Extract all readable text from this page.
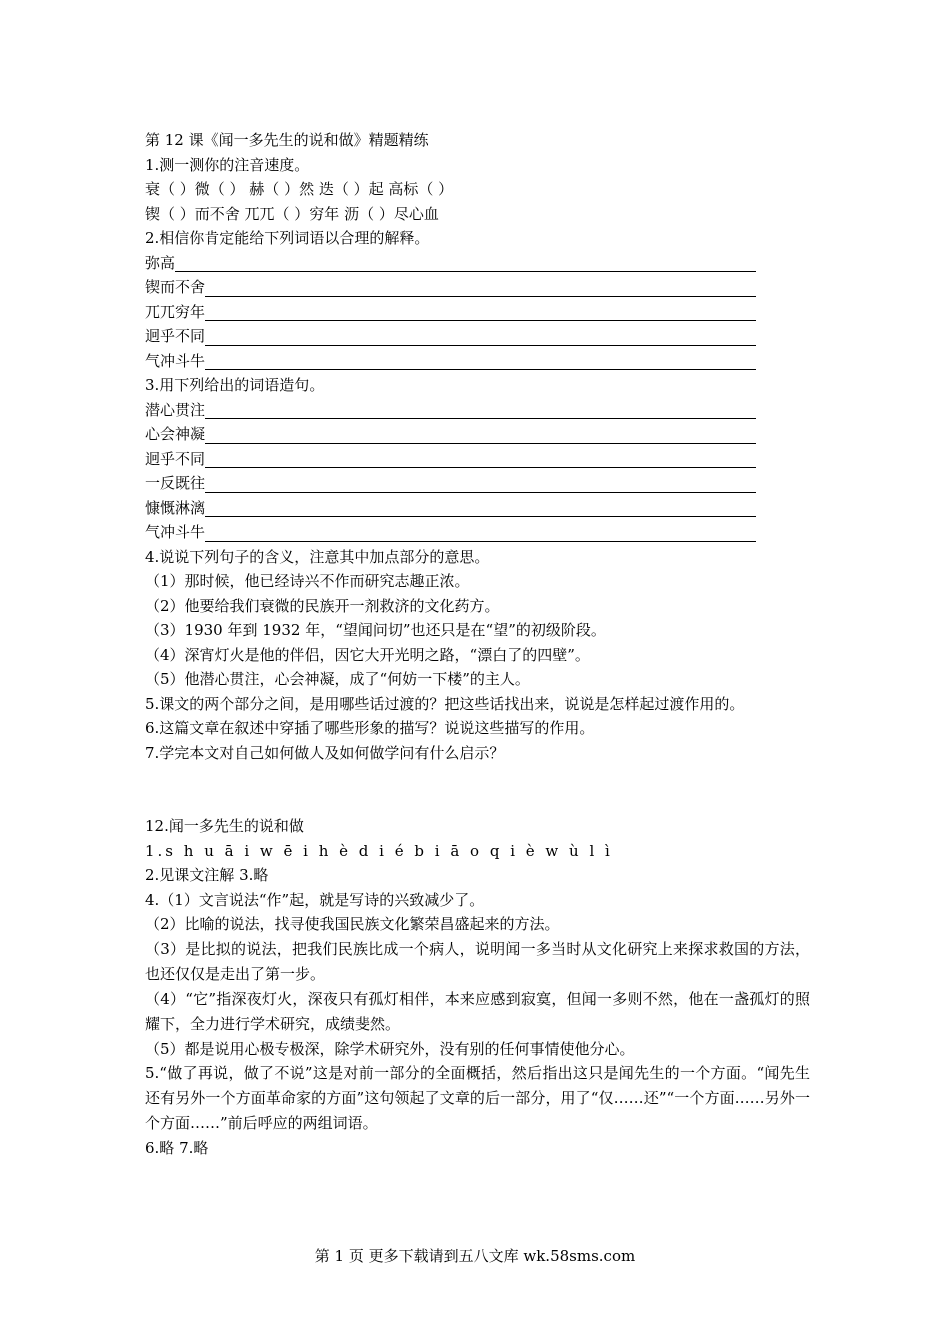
第 12 课《闻一多先生的说和做》精题精练
1.测一测你的注音速度。
衰（ ）微（ ） 赫（ ）然 迭（ ）起 高标（ ）
锲（ ）而不舍 兀兀（ ）穷年 沥（ ）尽心血
2.相信你肯定能给下列词语以合理的解释。
弥高
锲而不舍
兀兀穷年
迥乎不同
气冲斗牛
3.用下列给出的词语造句。
潜心贯注
心会神凝
迥乎不同
一反既往
慷慨淋漓
气冲斗牛
4.说说下列句子的含义，注意其中加点部分的意思。
（1）那时候，他已经诗兴不作而研究志趣正浓。
（2）他要给我们衰微的民族开一剂救济的文化药方。
（3）1930 年到 1932 年，“望闻问切”也还只是在“望”的初级阶段。
（4）深宵灯火是他的伴侣，因它大开光明之路，“漂白了的四壁”。
（5）他潜心贯注，心会神凝，成了“何妨一下楼”的主人。
5.课文的两个部分之间，是用哪些话过渡的？把这些话找出来，说说是怎样起过渡作用的。
6.这篇文章在叙述中穿插了哪些形象的描写？说说这些描写的作用。
7.学完本文对自己如何做人及如何做学问有什么启示？
12.闻一多先生的说和做
1.s h u ā i w ē i h è d i é b i ā o q i è w ù l ì
2.见课文注解 3.略
4.（1）文言说法“作”起，就是写诗的兴致减少了。
（2）比喻的说法，找寻使我国民族文化繁荣昌盛起来的方法。
（3）是比拟的说法，把我们民族比成一个病人，说明闻一多当时从文化研究上来探求救国的方法，也还仅仅是走出了第一步。
（4）“它”指深夜灯火，深夜只有孤灯相伴，本来应感到寂寞，但闻一多则不然，他在一盏孤灯的照耀下，全力进行学术研究，成绩斐然。
（5）都是说用心极专极深，除学术研究外，没有别的任何事情使他分心。
5.“做了再说，做了不说”这是对前一部分的全面概括，然后指出这只是闻先生的一个方面。“闻先生还有另外一个方面革命家的方面”这句领起了文章的后一部分，用了“仅……还”“一个方面……另外一个方面……”前后呼应的两组词语。
6.略 7.略
第 1 页 更多下载请到五八文库 wk.58sms.com
